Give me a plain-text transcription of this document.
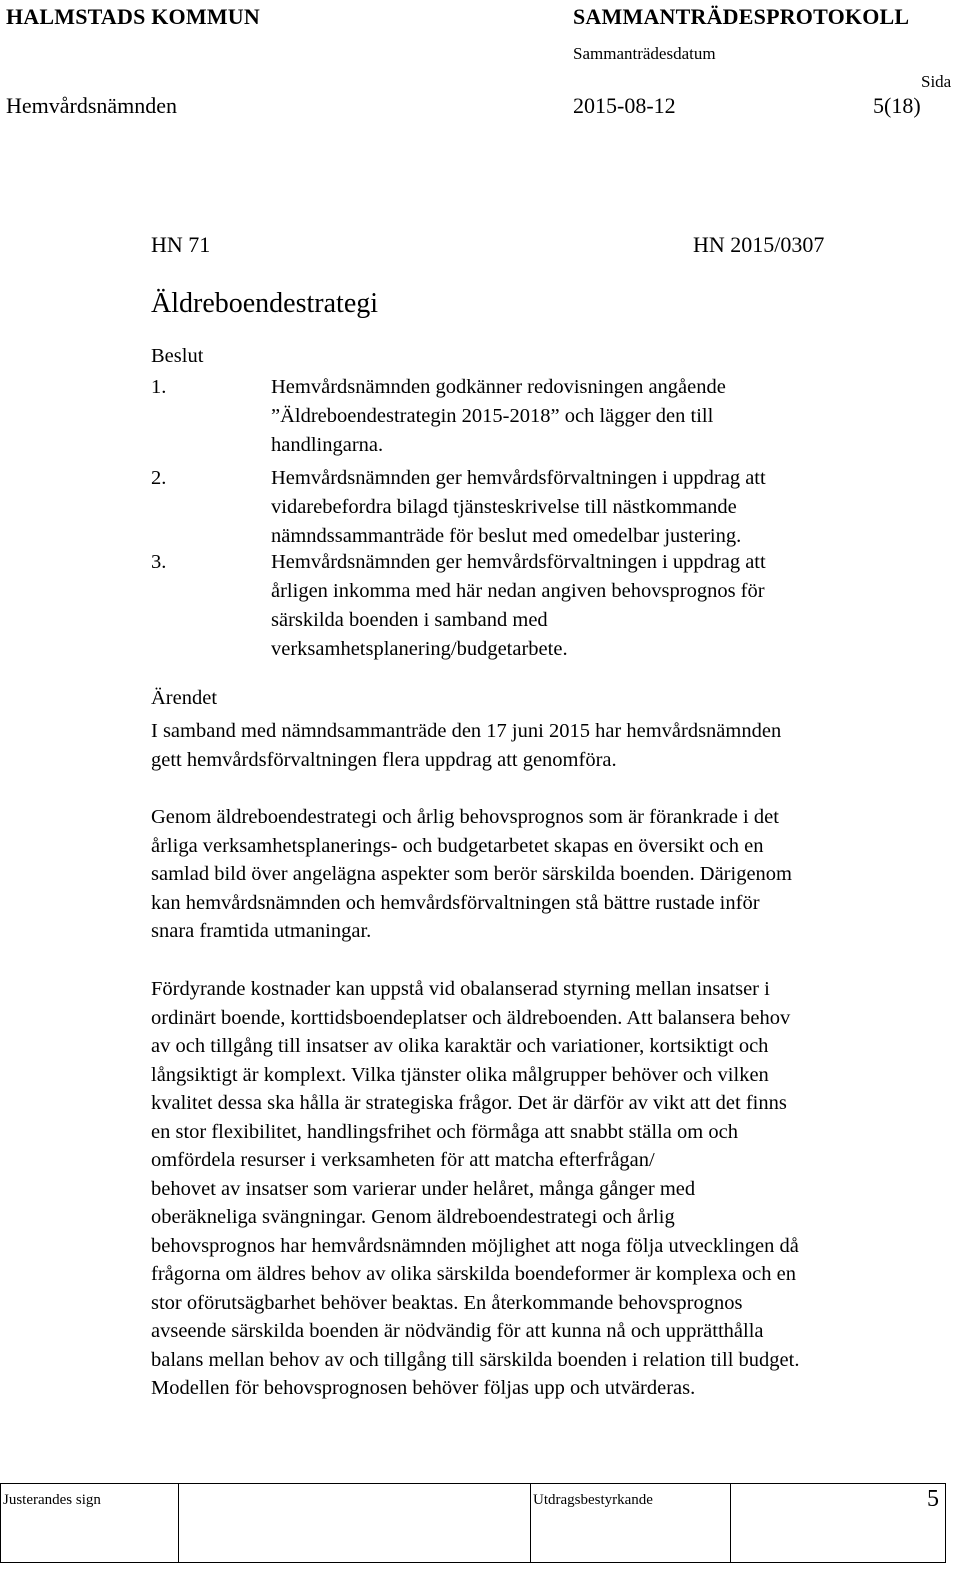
HALMSTADS KOMMUN	SAMMANTRÄDESPROTOKOLL
Sammanträdesdatum
Sida
Hemvårdsnämnden	2015-08-12	5(18)
HN 71	HN 2015/0307
Äldreboendestrategi
Beslut
1.	Hemvårdsnämnden godkänner redovisningen angående
”Äldreboendestrategin 2015-2018” och lägger den till
handlingarna.
2.	Hemvårdsnämnden ger hemvårdsförvaltningen i uppdrag att
vidarebefordra bilagd tjänsteskrivelse till nästkommande
nämndssammanträde för beslut med omedelbar justering.
3.	Hemvårdsnämnden ger hemvårdsförvaltningen i uppdrag att
årligen inkomma med här nedan angiven behovsprognos för
särskilda boenden i samband med
verksamhetsplanering/budgetarbete.
Ärendet
I samband med nämndsammanträde den 17 juni 2015 har hemvårdsnämnden
gett hemvårdsförvaltningen flera uppdrag att genomföra.
Genom äldreboendestrategi och årlig behovsprognos som är förankrade i det
årliga verksamhetsplanerings- och budgetarbetet skapas en översikt och en
samlad bild över angelägna aspekter som berör särskilda boenden. Därigenom
kan hemvårdsnämnden och hemvårdsförvaltningen stå bättre rustade inför
snara framtida utmaningar.
Fördyrande kostnader kan uppstå vid obalanserad styrning mellan insatser i
ordinärt boende, korttidsboendeplatser och äldreboenden. Att balansera behov
av och tillgång till insatser av olika karaktär och variationer, kortsiktigt och
långsiktigt är komplext. Vilka tjänster olika målgrupper behöver och vilken
kvalitet dessa ska hålla är strategiska frågor. Det är därför av vikt att det finns
en stor flexibilitet, handlingsfrihet och förmåga att snabbt ställa om och
omfördela resurser i verksamheten för att matcha efterfrågan/
behovet av insatser som varierar under helåret, många gånger med
oberäkneliga svängningar. Genom äldreboendestrategi och årlig
behovsprognos har hemvårdsnämnden möjlighet att noga följa utvecklingen då
frågorna om äldres behov av olika särskilda boendeformer är komplexa och en
stor oförutsägbarhet behöver beaktas. En återkommande behovsprognos
avseende särskilda boenden är nödvändig för att kunna nå och upprätthålla
balans mellan behov av och tillgång till särskilda boenden i relation till budget.
Modellen för behovsprognosen behöver följas upp och utvärderas.
Justerandes sign		Utdragsbestyrkande	5
